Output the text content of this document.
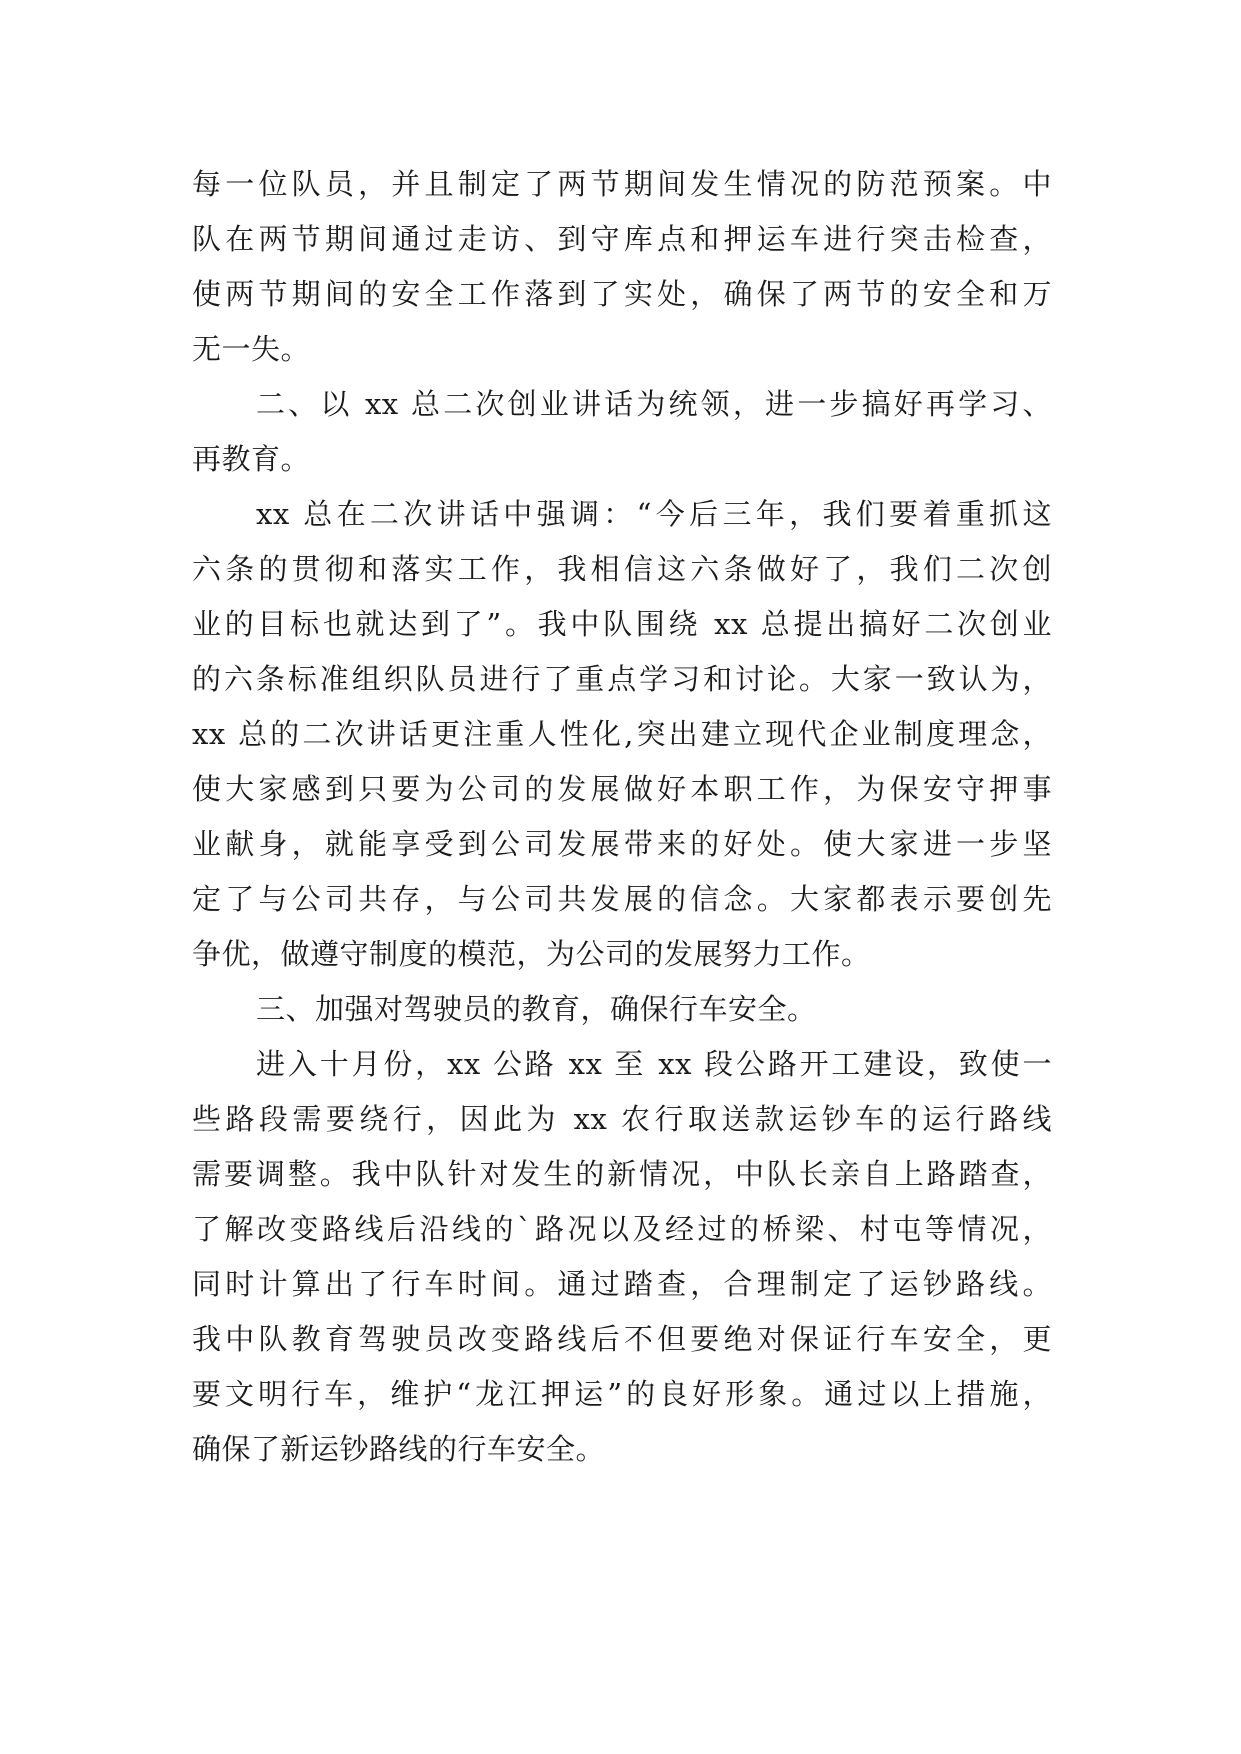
每一位队员，并且制定了两节期间发生情况的防范预案。中
队在两节期间通过走访、到守库点和押运车进行突击检查，
使两节期间的安全工作落到了实处，确保了两节的安全和万
无一失。
二、以 xx 总二次创业讲话为统领，进一步搞好再学习、
再教育。
xx 总在二次讲话中强调：“今后三年，我们要着重抓这
六条的贯彻和落实工作，我相信这六条做好了，我们二次创
业的目标也就达到了”。我中队围绕 xx 总提出搞好二次创业
的六条标准组织队员进行了重点学习和讨论。大家一致认为，
xx 总的二次讲话更注重人性化,突出建立现代企业制度理念，
使大家感到只要为公司的发展做好本职工作，为保安守押事
业献身，就能享受到公司发展带来的好处。使大家进一步坚
定了与公司共存，与公司共发展的信念。大家都表示要创先
争优，做遵守制度的模范，为公司的发展努力工作。
三、加强对驾驶员的教育，确保行车安全。
进入十月份，xx 公路 xx 至 xx 段公路开工建设，致使一
些路段需要绕行，因此为 xx 农行取送款运钞车的运行路线
需要调整。我中队针对发生的新情况，中队长亲自上路踏查，
了解改变路线后沿线的`路况以及经过的桥梁、村屯等情况，
同时计算出了行车时间。通过踏查，合理制定了运钞路线。
我中队教育驾驶员改变路线后不但要绝对保证行车安全，更
要文明行车，维护“龙江押运”的良好形象。通过以上措施，
确保了新运钞路线的行车安全。
